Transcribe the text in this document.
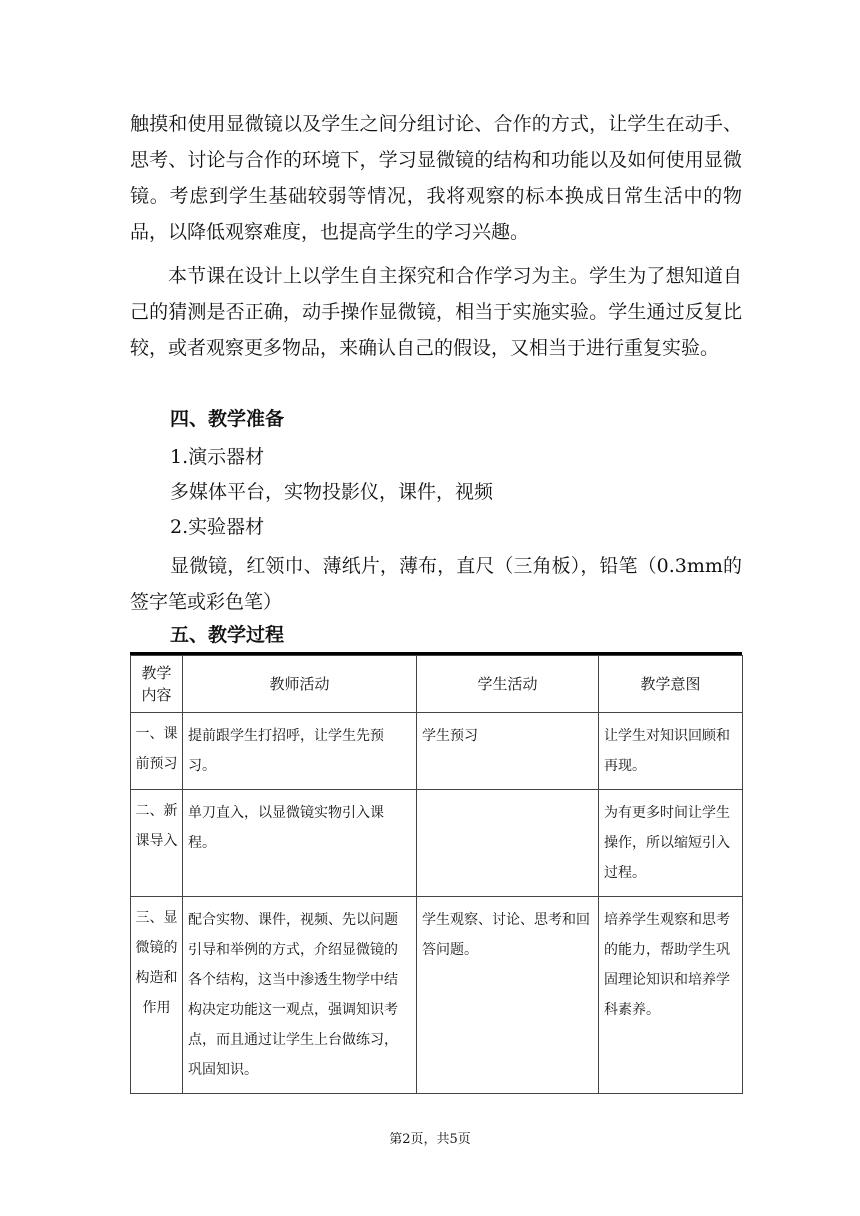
触摸和使用显微镜以及学生之间分组讨论、合作的方式，让学生在动手、思考、讨论与合作的环境下，学习显微镜的结构和功能以及如何使用显微镜。考虑到学生基础较弱等情况，我将观察的标本换成日常生活中的物品，以降低观察难度，也提高学生的学习兴趣。

本节课在设计上以学生自主探究和合作学习为主。学生为了想知道自己的猜测是否正确，动手操作显微镜，相当于实施实验。学生通过反复比较，或者观察更多物品，来确认自己的假设，又相当于进行重复实验。

四、教学准备

1.演示器材

多媒体平台，实物投影仪，课件，视频

2.实验器材

显微镜，红领巾、薄纸片，薄布，直尺（三角板），铅笔（0.3mm的签字笔或彩色笔）

五、教学过程

教学内容	教师活动	学生活动	教学意图
一、课前预习	提前跟学生打招呼，让学生先预习。	学生预习	让学生对知识回顾和再现。
二、新课导入	单刀直入，以显微镜实物引入课程。		为有更多时间让学生操作，所以缩短引入过程。
三、显微镜的构造和作用	配合实物、课件，视频、先以问题引导和举例的方式，介绍显微镜的各个结构，这当中渗透生物学中结构决定功能这一观点，强调知识考点，而且通过让学生上台做练习，巩固知识。	学生观察、讨论、思考和回答问题。	培养学生观察和思考的能力，帮助学生巩固理论知识和培养学科素养。
第2页，共5页
